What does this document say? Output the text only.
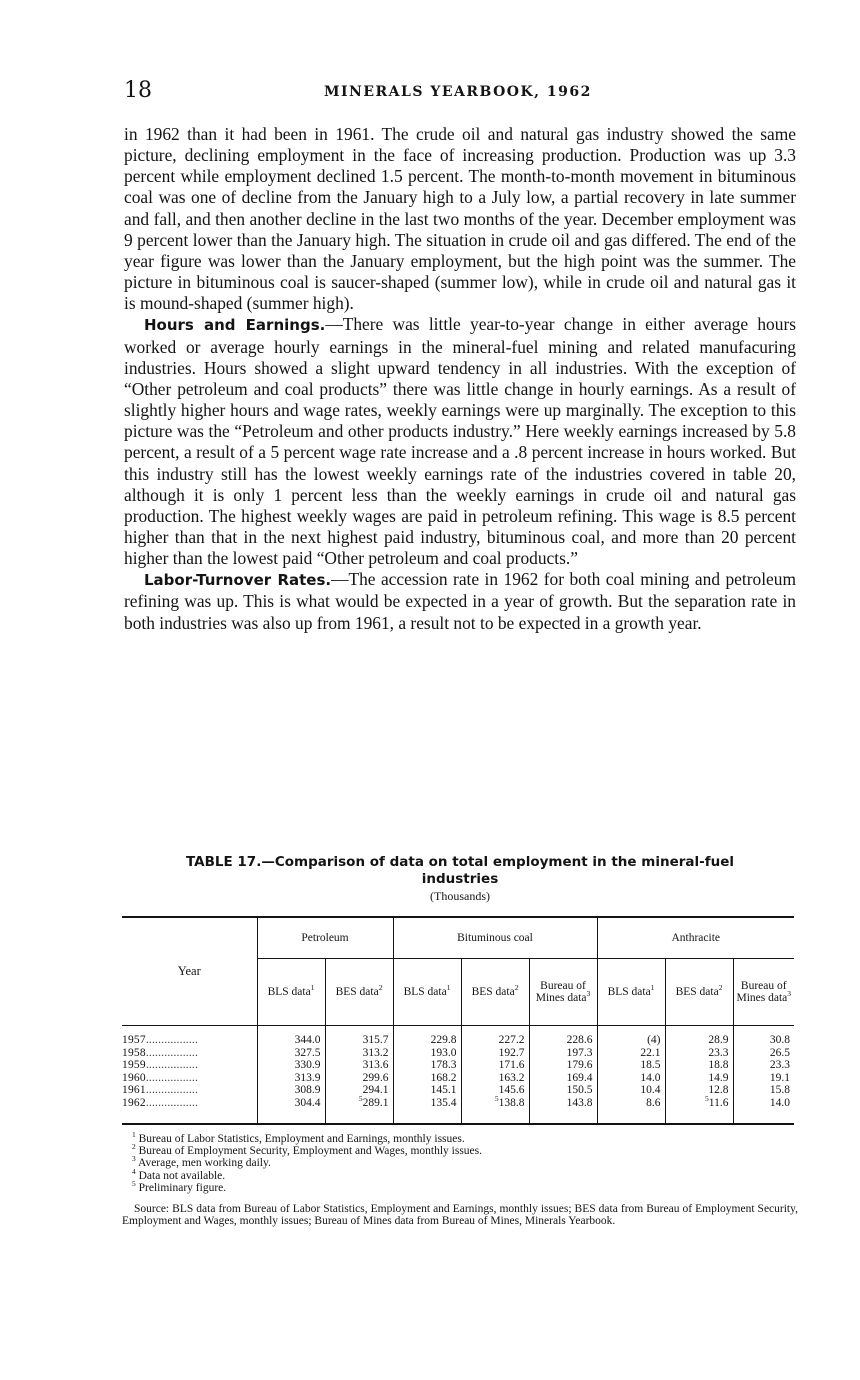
18	MINERALS YEARBOOK, 1962

in 1962 than it had been in 1961. The crude oil and natural gas industry showed the same picture, declining employment in the face of increasing production. Production was up 3.3 percent while employment declined 1.5 percent. The month-to-month movement in bituminous coal was one of decline from the January high to a July low, a partial recovery in late summer and fall, and then another decline in the last two months of the year. December employment was 9 percent lower than the January high. The situation in crude oil and gas differed. The end of the year figure was lower than the January employment, but the high point was the summer. The picture in bituminous coal is saucer-shaped (summer low), while in crude oil and natural gas it is mound-shaped (summer high).

Hours and Earnings.—There was little year-to-year change in either average hours worked or average hourly earnings in the mineral-fuel mining and related manufacuring industries. Hours showed a slight upward tendency in all industries. With the exception of “Other petroleum and coal products” there was little change in hourly earnings. As a result of slightly higher hours and wage rates, weekly earnings were up marginally. The exception to this picture was the “Petroleum and other products industry.” Here weekly earnings increased by 5.8 percent, a result of a 5 percent wage rate increase and a .8 percent increase in hours worked. But this industry still has the lowest weekly earnings rate of the industries covered in table 20, although it is only 1 percent less than the weekly earnings in crude oil and natural gas production. The highest weekly wages are paid in petroleum refining. This wage is 8.5 percent higher than that in the next highest paid industry, bituminous coal, and more than 20 percent higher than the lowest paid “Other petroleum and coal products.”

Labor-Turnover Rates.—The accession rate in 1962 for both coal mining and petroleum refining was up. This is what would be expected in a year of growth. But the separation rate in both industries was also up from 1961, a result not to be expected in a growth year.

TABLE 17.—Comparison of data on total employment in the mineral-fuel
industries
(Thousands)
Year	Petroleum		Bituminous coal			Anthracite		
	BLS data$^1$	BES data$^2$	BLS data$^1$	BES data$^2$	Bureau of Mines data$^3$	BLS data$^1$	BES data$^2$	Bureau of Mines data$^3$
1957.................	344.0	315.7	229.8	227.2	228.6	(4)	28.9	30.8
1958.................	327.5	313.2	193.0	192.7	197.3	22.1	23.3	26.5
1959.................	330.9	313.6	178.3	171.6	179.6	18.5	18.8	23.3
1960.................	313.9	299.6	168.2	163.2	169.4	14.0	14.9	19.1
1961.................	308.9	294.1	145.1	145.6	150.5	10.4	12.8	15.8
1962.................	304.4	$^5$289.1	135.4	$^5$138.8	143.8	8.6	$^5$11.6	14.0
$^1$ Bureau of Labor Statistics, Employment and Earnings, monthly issues.
$^2$ Bureau of Employment Security, Employment and Wages, monthly issues.
$^3$ Average, men working daily.
$^4$ Data not available.
$^5$ Preliminary figure.
Source: BLS data from Bureau of Labor Statistics, Employment and Earnings, monthly issues; BES data from Bureau of Employment Security, Employment and Wages, monthly issues; Bureau of Mines data from Bureau of Mines, Minerals Yearbook.
